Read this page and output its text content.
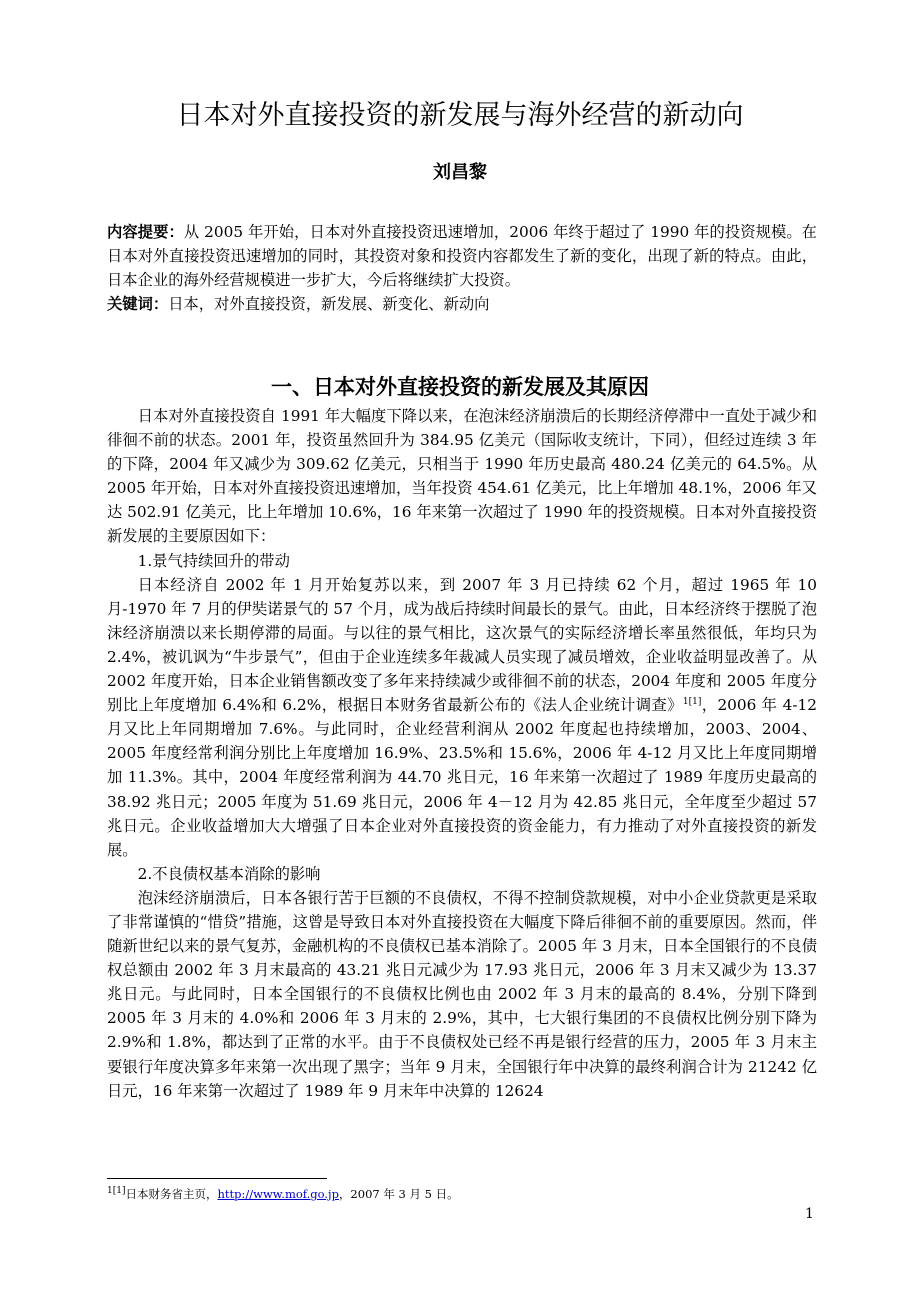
日本对外直接投资的新发展与海外经营的新动向
刘昌黎

内容提要：从 2005 年开始，日本对外直接投资迅速增加，2006 年终于超过了 1990 年的投资规模。在日本对外直接投资迅速增加的同时，其投资对象和投资内容都发生了新的变化，出现了新的特点。由此，日本企业的海外经营规模进一步扩大，今后将继续扩大投资。

关键词：日本，对外直接投资，新发展、新变化、新动向

一、日本对外直接投资的新发展及其原因

日本对外直接投资自 1991 年大幅度下降以来，在泡沫经济崩溃后的长期经济停滞中一直处于减少和徘徊不前的状态。2001 年，投资虽然回升为 384.95 亿美元（国际收支统计，下同），但经过连续 3 年的下降，2004 年又减少为 309.62 亿美元，只相当于 1990 年历史最高 480.24 亿美元的 64.5%。从 2005 年开始，日本对外直接投资迅速增加，当年投资 454.61 亿美元，比上年增加 48.1%，2006 年又达 502.91 亿美元，比上年增加 10.6%，16 年来第一次超过了 1990 年的投资规模。日本对外直接投资新发展的主要原因如下：

1.景气持续回升的带动

日本经济自 2002 年 1 月开始复苏以来，到 2007 年 3 月已持续 62 个月，超过 1965 年 10 月-1970 年 7 月的伊奘诺景气的 57 个月，成为战后持续时间最长的景气。由此，日本经济终于摆脱了泡沫经济崩溃以来长期停滞的局面。与以往的景气相比，这次景气的实际经济增长率虽然很低，年均只为 2.4%，被讥讽为“牛步景气”，但由于企业连续多年裁减人员实现了减员增效，企业收益明显改善了。从 2002 年度开始，日本企业销售额改变了多年来持续减少或徘徊不前的状态，2004 年度和 2005 年度分别比上年度增加 6.4%和 6.2%，根据日本财务省最新公布的《法人企业统计调查》$^{1[1]}$，2006 年 4-12 月又比上年同期增加 7.6%。与此同时，企业经营利润从 2002 年度起也持续增加，2003、2004、2005 年度经常利润分别比上年度增加 16.9%、23.5%和 15.6%，2006 年 4-12 月又比上年度同期增加 11.3%。其中，2004 年度经常利润为 44.70 兆日元，16 年来第一次超过了 1989 年度历史最高的 38.92 兆日元；2005 年度为 51.69 兆日元，2006 年 4－12 月为 42.85 兆日元，全年度至少超过 57 兆日元。企业收益增加大大增强了日本企业对外直接投资的资金能力，有力推动了对外直接投资的新发展。

2.不良债权基本消除的影响

泡沫经济崩溃后，日本各银行苦于巨额的不良债权，不得不控制贷款规模，对中小企业贷款更是采取了非常谨慎的“惜贷”措施，这曾是导致日本对外直接投资在大幅度下降后徘徊不前的重要原因。然而，伴随新世纪以来的景气复苏，金融机构的不良债权已基本消除了。2005 年 3 月末，日本全国银行的不良债权总额由 2002 年 3 月末最高的 43.21 兆日元减少为 17.93 兆日元，2006 年 3 月末又减少为 13.37 兆日元。与此同时，日本全国银行的不良债权比例也由 2002 年 3 月末的最高的 8.4%，分别下降到 2005 年 3 月末的 4.0%和 2006 年 3 月末的 2.9%，其中，七大银行集团的不良债权比例分别下降为 2.9%和 1.8%，都达到了正常的水平。由于不良债权处已经不再是银行经营的压力，2005 年 3 月末主要银行年度决算多年来第一次出现了黑字；当年 9 月末，全国银行年中决算的最终利润合计为 21242 亿日元，16 年来第一次超过了 1989 年 9 月末年中决算的 12624

$^{1[1]}$日本财务省主页，http://www.mof.go.jp，2007 年 3 月 5 日。
1
